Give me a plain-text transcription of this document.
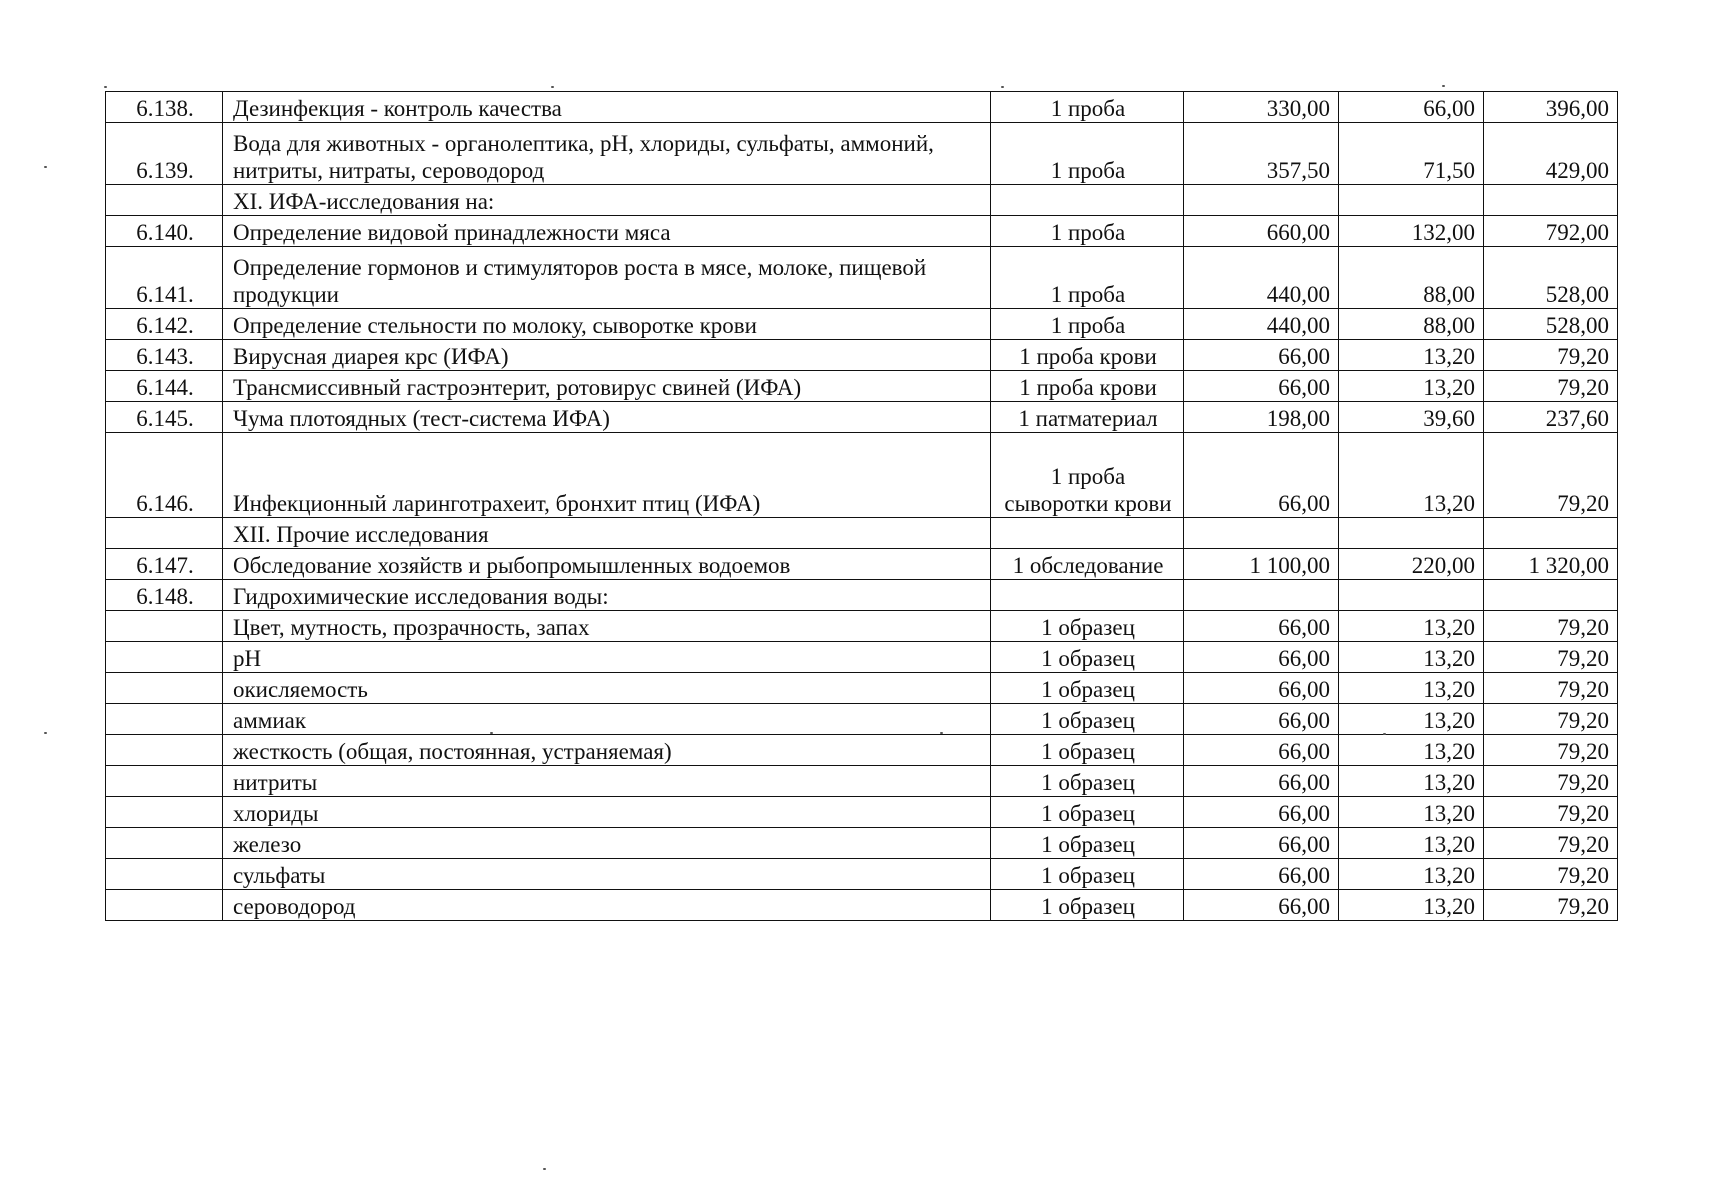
6.138.	Дезинфекция - контроль качества	1 проба	330,00	66,00	396,00
6.139.	Вода для животных - органолептика, pH, хлориды, сульфаты, аммоний, нитриты, нитраты, сероводород	1 проба	357,50	71,50	429,00
	XI. ИФА-исследования на:				
6.140.	Определение видовой принадлежности мяса	1 проба	660,00	132,00	792,00
6.141.	Определение гормонов и стимуляторов роста в мясе, молоке, пищевой продукции	1 проба	440,00	88,00	528,00
6.142.	Определение стельности по молоку, сыворотке крови	1 проба	440,00	88,00	528,00
6.143.	Вирусная диарея крс (ИФА)	1 проба крови	66,00	13,20	79,20
6.144.	Трансмиссивный гастроэнтерит, ротовирус свиней (ИФА)	1 проба крови	66,00	13,20	79,20
6.145.	Чума плотоядных (тест-система ИФА)	1 патматериал	198,00	39,60	237,60
6.146.	Инфекционный ларинготрахеит, бронхит птиц (ИФА)	1 проба сыворотки крови	66,00	13,20	79,20
	XII. Прочие исследования				
6.147.	Обследование хозяйств и рыбопромышленных водоемов	1 обследование	1 100,00	220,00	1 320,00
6.148.	Гидрохимические исследования воды:				
	Цвет, мутность, прозрачность, запах	1 образец	66,00	13,20	79,20
	pH	1 образец	66,00	13,20	79,20
	окисляемость	1 образец	66,00	13,20	79,20
	аммиак	1 образец	66,00	13,20	79,20
	жесткость (общая, постоянная, устраняемая)	1 образец	66,00	13,20	79,20
	нитриты	1 образец	66,00	13,20	79,20
	хлориды	1 образец	66,00	13,20	79,20
	железо	1 образец	66,00	13,20	79,20
	сульфаты	1 образец	66,00	13,20	79,20
	сероводород	1 образец	66,00	13,20	79,20
